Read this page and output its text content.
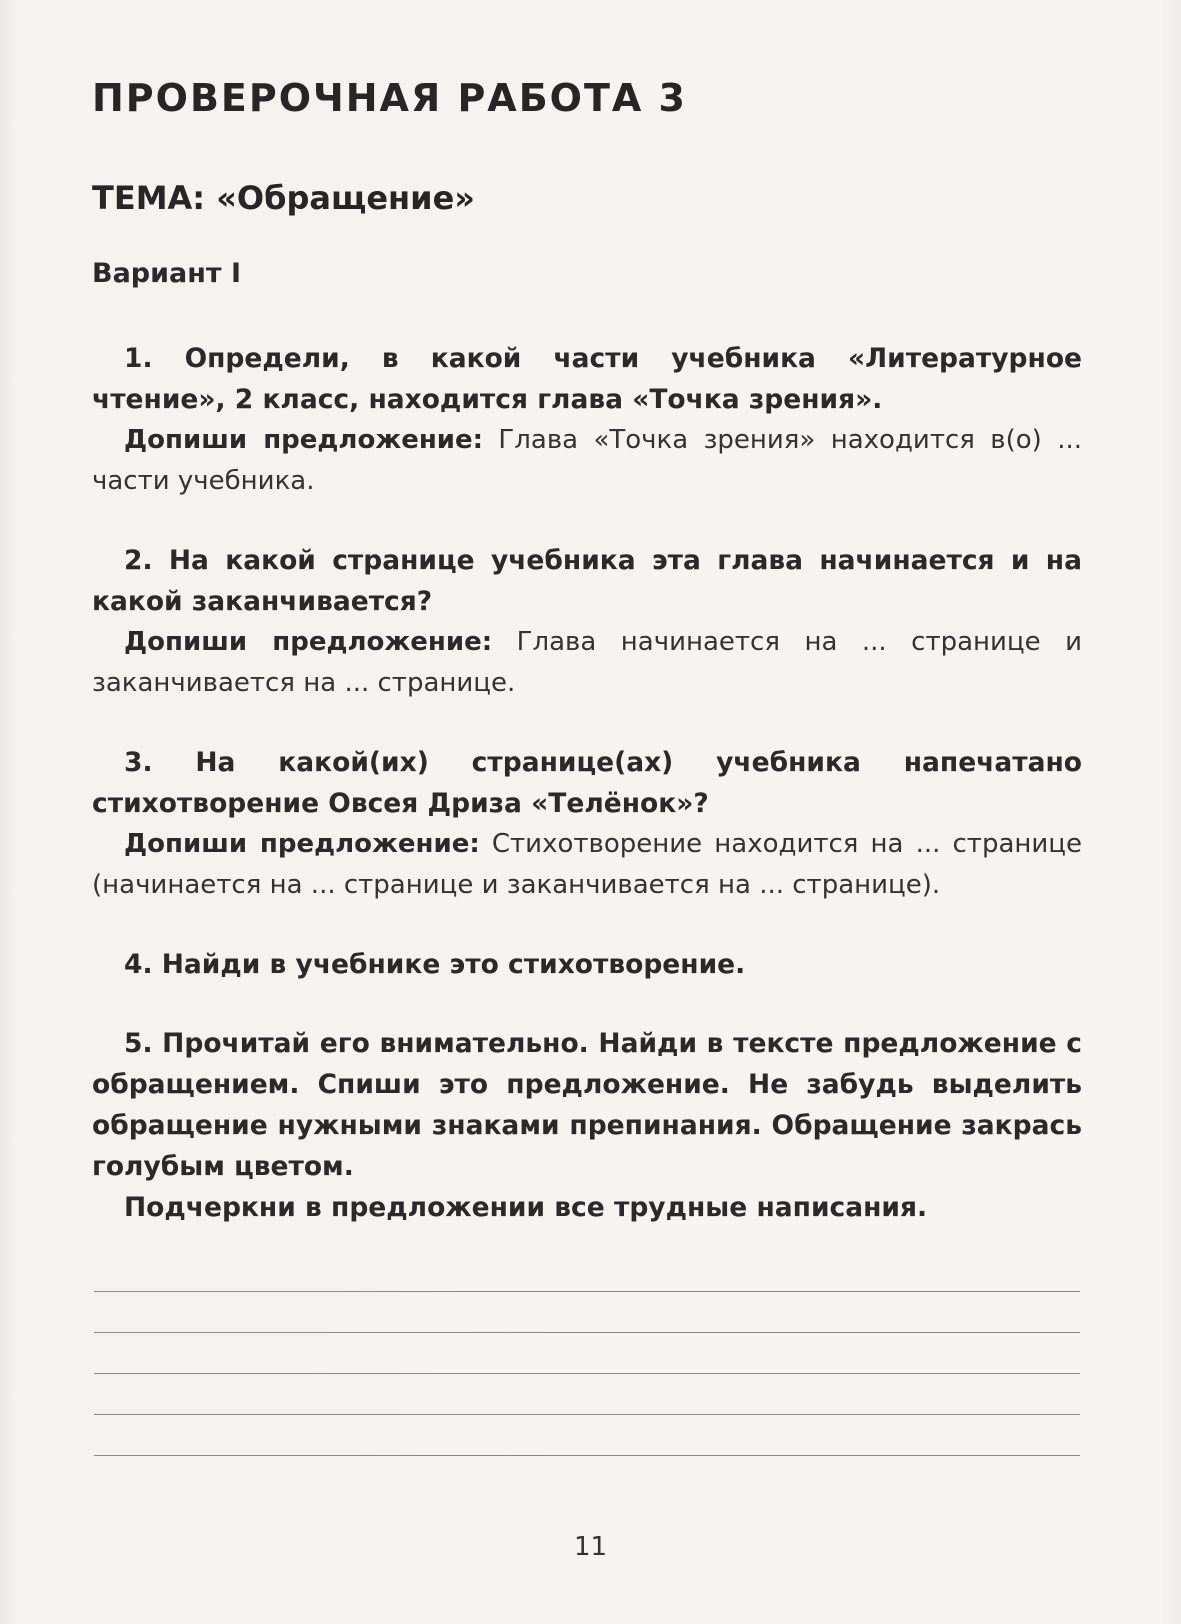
ПРОВЕРОЧНАЯ РАБОТА 3
ТЕМА: «Обращение»
Вариант I

1. Определи, в какой части учебника «Литературное чтение», 2 класс, находится глава «Точка зрения».

Допиши предложение: Глава «Точка зрения» находится в(о) ... части учебника.

2. На какой странице учебника эта глава начинается и на какой заканчивается?

Допиши предложение: Глава начинается на ... странице и заканчивается на ... странице.

3. На какой(их) странице(ах) учебника напечатано стихотворение Овсея Дриза «Телёнок»?

Допиши предложение: Стихотворение находится на ... странице (начинается на ... странице и заканчивается на ... странице).

4. Найди в учебнике это стихотворение.

5. Прочитай его внимательно. Найди в тексте предложение с обращением. Спиши это предложение. Не забудь выделить обращение нужными знаками препинания. Обращение закрась голубым цветом.

Подчеркни в предложении все трудные написания.

11
